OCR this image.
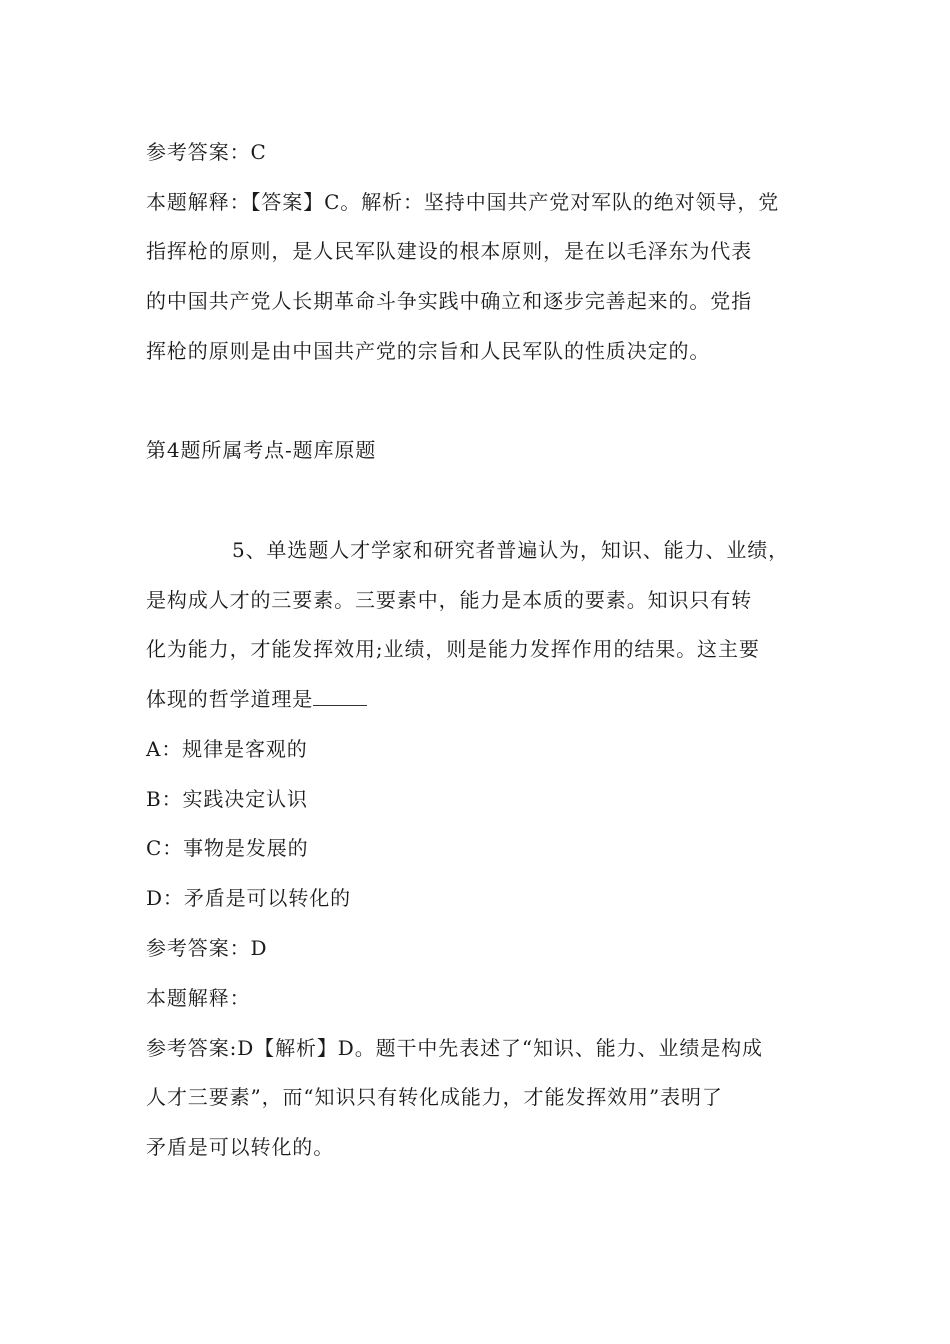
参考答案：C
本题解释：【答案】C。解析：坚持中国共产党对军队的绝对领导，党
指挥枪的原则，是人民军队建设的根本原则，是在以毛泽东为代表
的中国共产党人长期革命斗争实践中确立和逐步完善起来的。党指
挥枪的原则是由中国共产党的宗旨和人民军队的性质决定的。
第4题所属考点-题库原题
5、单选题人才学家和研究者普遍认为，知识、能力、业绩，
是构成人才的三要素。三要素中，能力是本质的要素。知识只有转
化为能力，才能发挥效用;业绩，则是能力发挥作用的结果。这主要
体现的哲学道理是
A：规律是客观的
B：实践决定认识
C：事物是发展的
D：矛盾是可以转化的
参考答案：D
本题解释：
参考答案:D【解析】D。题干中先表述了“知识、能力、业绩是构成
人才三要素”，而“知识只有转化成能力，才能发挥效用”表明了
矛盾是可以转化的。
